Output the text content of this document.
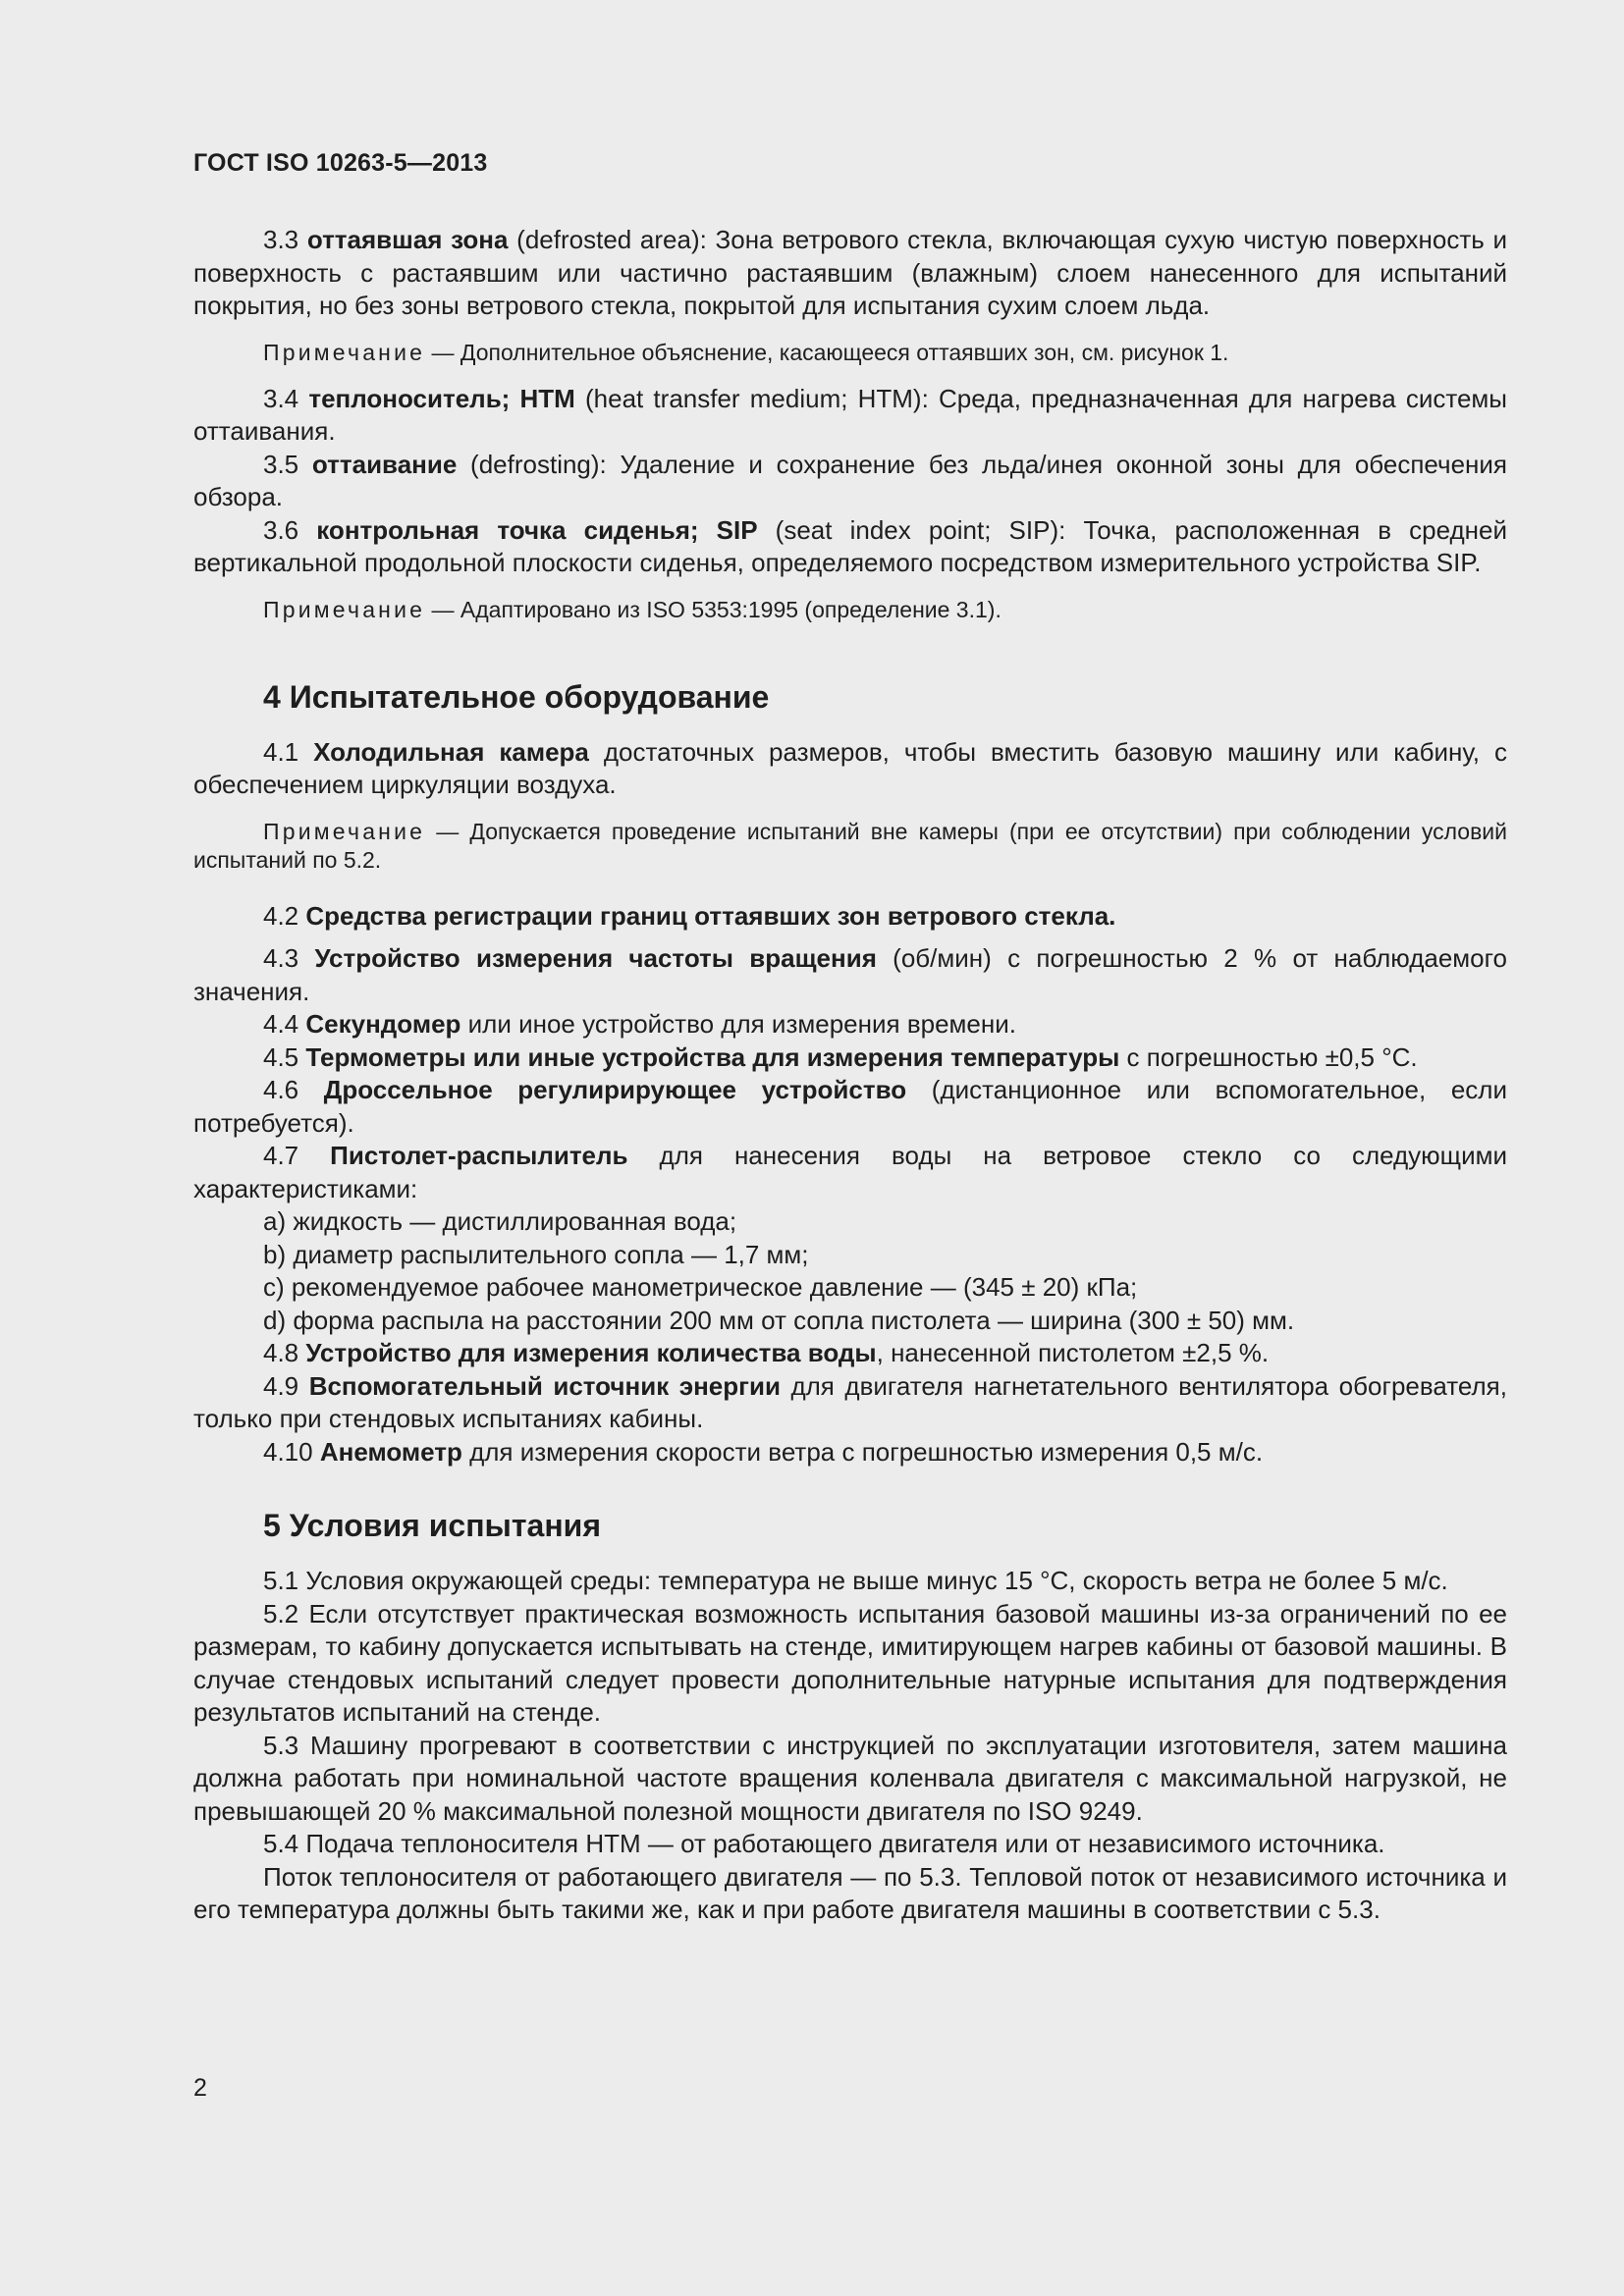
ГОСТ ISO 10263-5—2013

3.3 оттаявшая зона (defrosted area): Зона ветрового стекла, включающая сухую чистую поверхность и поверхность с растаявшим или частично растаявшим (влажным) слоем нанесенного для испытаний покрытия, но без зоны ветрового стекла, покрытой для испытания сухим слоем льда.

Примечание — Дополнительное объяснение, касающееся оттаявших зон, см. рисунок 1.

3.4 теплоноситель; НТМ (heat transfer medium; HTM): Среда, предназначенная для нагрева системы оттаивания.

3.5 оттаивание (defrosting): Удаление и сохранение без льда/инея оконной зоны для обеспечения обзора.

3.6 контрольная точка сиденья; SIP (seat index point; SIP): Точка, расположенная в средней вертикальной продольной плоскости сиденья, определяемого посредством измерительного устройства SIP.

Примечание — Адаптировано из ISO 5353:1995 (определение 3.1).

4 Испытательное оборудование

4.1 Холодильная камера достаточных размеров, чтобы вместить базовую машину или кабину, с обеспечением циркуляции воздуха.

Примечание — Допускается проведение испытаний вне камеры (при ее отсутствии) при соблюдении условий испытаний по 5.2.

4.2 Средства регистрации границ оттаявших зон ветрового стекла.

4.3 Устройство измерения частоты вращения (об/мин) с погрешностью 2 % от наблюдаемого значения.

4.4 Секундомер или иное устройство для измерения времени.

4.5 Термометры или иные устройства для измерения температуры с погрешностью ±0,5 °С.

4.6 Дроссельное регулирирующее устройство (дистанционное или вспомогательное, если потребуется).

4.7 Пистолет-распылитель для нанесения воды на ветровое стекло со следующими характеристиками:

a) жидкость — дистиллированная вода;

b) диаметр распылительного сопла — 1,7 мм;

c) рекомендуемое рабочее манометрическое давление — (345 ± 20) кПа;

d) форма распыла на расстоянии 200 мм от сопла пистолета — ширина (300 ± 50) мм.

4.8 Устройство для измерения количества воды, нанесенной пистолетом ±2,5 %.

4.9 Вспомогательный источник энергии для двигателя нагнетательного вентилятора обогревателя, только при стендовых испытаниях кабины.

4.10 Анемометр для измерения скорости ветра с погрешностью измерения 0,5 м/с.

5 Условия испытания

5.1 Условия окружающей среды: температура не выше минус 15 °С, скорость ветра не более 5 м/с.

5.2 Если отсутствует практическая возможность испытания базовой машины из-за ограничений по ее размерам, то кабину допускается испытывать на стенде, имитирующем нагрев кабины от базовой машины. В случае стендовых испытаний следует провести дополнительные натурные испытания для подтверждения результатов испытаний на стенде.

5.3 Машину прогревают в соответствии с инструкцией по эксплуатации изготовителя, затем машина должна работать при номинальной частоте вращения коленвала двигателя с максимальной нагрузкой, не превышающей 20 % максимальной полезной мощности двигателя по ISO 9249.

5.4 Подача теплоносителя НТМ — от работающего двигателя или от независимого источника.

Поток теплоносителя от работающего двигателя — по 5.3. Тепловой поток от независимого источника и его температура должны быть такими же, как и при работе двигателя машины в соответствии с 5.3.

2
